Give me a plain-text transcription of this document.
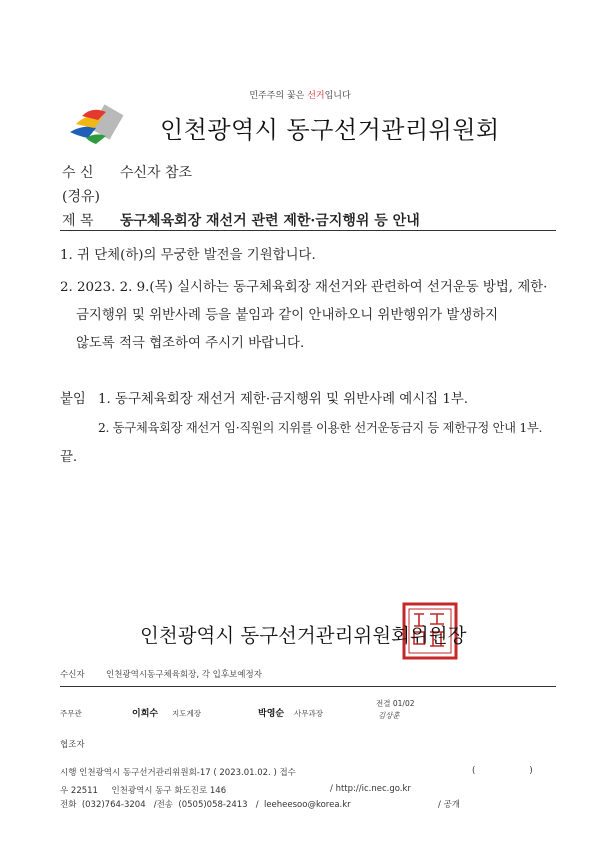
민주주의 꽃은 선거입니다
인천광역시 동구선거관리위원회
수 신 수신자 참조
(경유)
제 목 동구체육회장 재선거 관련 제한·금지행위 등 안내
1. 귀 단체(하)의 무궁한 발전을 기원합니다.
2. 2023. 2. 9.(목) 실시하는 동구체육회장 재선거와 관련하여 선거운동 방법, 제한·
금지행위 및 위반사례 등을 붙임과 같이 안내하오니 위반행위가 발생하지
않도록 적극 협조하여 주시기 바랍니다.
붙임 1. 동구체육회장 재선거 제한·금지행위 및 위반사례 예시집 1부.
2. 동구체육회장 재선거 임·직원의 지위를 이용한 선거운동금지 등 제한규정 안내 1부.
끝.
인천광역시 동구선거관리위원회위원장
수신자	인천광역시동구체육회장, 각 입후보예정자
주무관	이희수 지도계장	박영순 사무과장
전결 01/02
김상훈
협조자
시행 인천광역시 동구선거관리위원회-17 ( 2023.01.02. ) 접수	(                    )
우 22511     인천광역시 동구 화도진로 146	/ http://ic.nec.go.kr
전화  (032)764-3204   /전송  (0505)058-2413   /  leeheesoo@korea.kr	/ 공개
